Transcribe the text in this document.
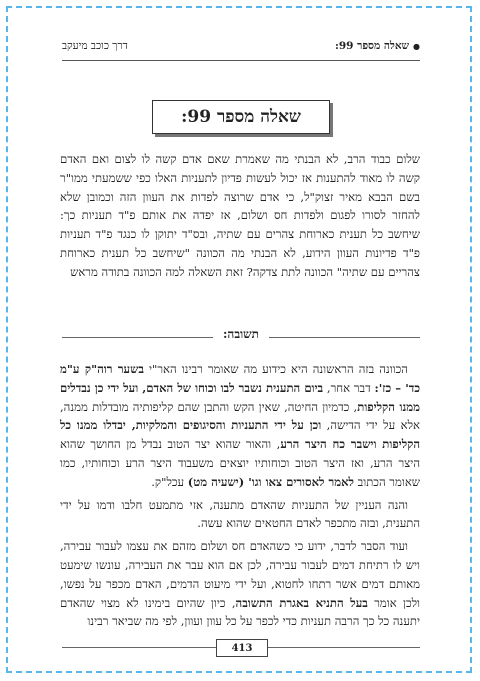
●שאלה מספר 99:
דרך כוכב מיעקב
שאלה מספר 99:
שלום כבוד הרב, לא הבנתי מה שאמרת שאם אדם קשה לו לצום ואם האדם קשה לו מאוד להתענות אז יכול לעשות פדיון לתעניות האלו כפי ששמעתי ממו"ר בשם הבבא מאיר זצוק"ל, כי אדם שרוצה לפדות את העוון הזה וכמובן שלא להחזר לסורו לפגום ולפדות חס ושלום, אז יפדה את אותם פ"ד תעניות כך: שיחשב כל תענית כארוחת צהרים עם שתיה, ובס"ד יתוקן לו כנגד פ"ד תעניות פ"ד פדיונות העוון הידוע, לא הבנתי מה הכוונה "שיחשב כל תענית כארוחת צהריים עם שתיה" הכוונה לתת צדקה? זאת השאלה למה הכוונה בתודה מראש
תשובה:

הכוונה בזה הראשונה היא כידוע מה שאומר רבינו האר"י בשער רוה"ק ע"מ כד' – כז': דבר אחר, ביום התענית נשבר לבו וכוחו של האדם, ועל ידי כן נבדלים ממנו הקליפות, כדמיון החיטה, שאין הקש והתבן שהם קליפותיה מובדלות ממנה, אלא על ידי הדישה, וכן על ידי התעניות והסיגופים והמלקיות, יבדלו ממנו כל הקליפות וישבר כח היצר הרע, והאור שהוא יצר הטוב נבדל מן החושך שהוא היצר הרע, ואז היצר הטוב וכוחותיו יוצאים משעבוד היצר הרע וכוחותיו, כמו שאומר הכתוב לאמר לאסורים צאו וגו' (ישעיה מט) עכל"ק.

והנה העניין של התעניות שהאדם מתענה, אזי מתמעט חלבו ודמו על ידי התענית, ובזה מתכפר לאדם החטאים שהוא עשה.

ועוד הסבר לדבר, ידוע כי כשהאדם חס ושלום מזהם את עצמו לעבור עבירה, ויש לו רתיחת דמים לעבור עבירה, לכן אם הוא עבר את העבירה, עונשו שימעט מאותם דמים אשר רתחו לחטוא, ועל ידי מיעוט הדמים, האדם מכפר על נפשו, ולכן אומר בעל התניא באגרת התשובה, כיון שהיום בימינו לא מצוי שהאדם יתענה כל כך הרבה תעניות כדי לכפר על כל עוון ועוון, לפי מה שביאר רבינו

413
